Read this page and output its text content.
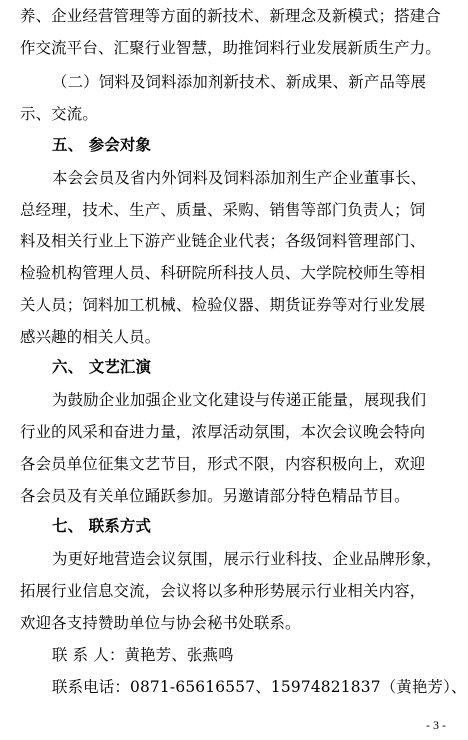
养、企业经营管理等方面的新技术、新理念及新模式；搭建合
作交流平台、汇聚行业智慧，助推饲料行业发展新质生产力。
（二）饲料及饲料添加剂新技术、新成果、新产品等展
示、交流。
五、 参会对象
本会会员及省内外饲料及饲料添加剂生产企业董事长、
总经理，技术、生产、质量、采购、销售等部门负责人；饲
料及相关行业上下游产业链企业代表；各级饲料管理部门、
检验机构管理人员、科研院所科技人员、大学院校师生等相
关人员；饲料加工机械、检验仪器、期货证券等对行业发展
感兴趣的相关人员。
六、 文艺汇演
为鼓励企业加强企业文化建设与传递正能量，展现我们
行业的风采和奋进力量，浓厚活动氛围，本次会议晚会特向
各会员单位征集文艺节目，形式不限，内容积极向上，欢迎
各会员及有关单位踊跃参加。另邀请部分特色精品节目。
七、 联系方式
为更好地营造会议氛围，展示行业科技、企业品牌形象，
拓展行业信息交流，会议将以多种形势展示行业相关内容，
欢迎各支持赞助单位与协会秘书处联系。
联 系 人：黄艳芳、张燕鸣
联系电话：0871-65616557、15974821837（黄艳芳）、
- 3 -
